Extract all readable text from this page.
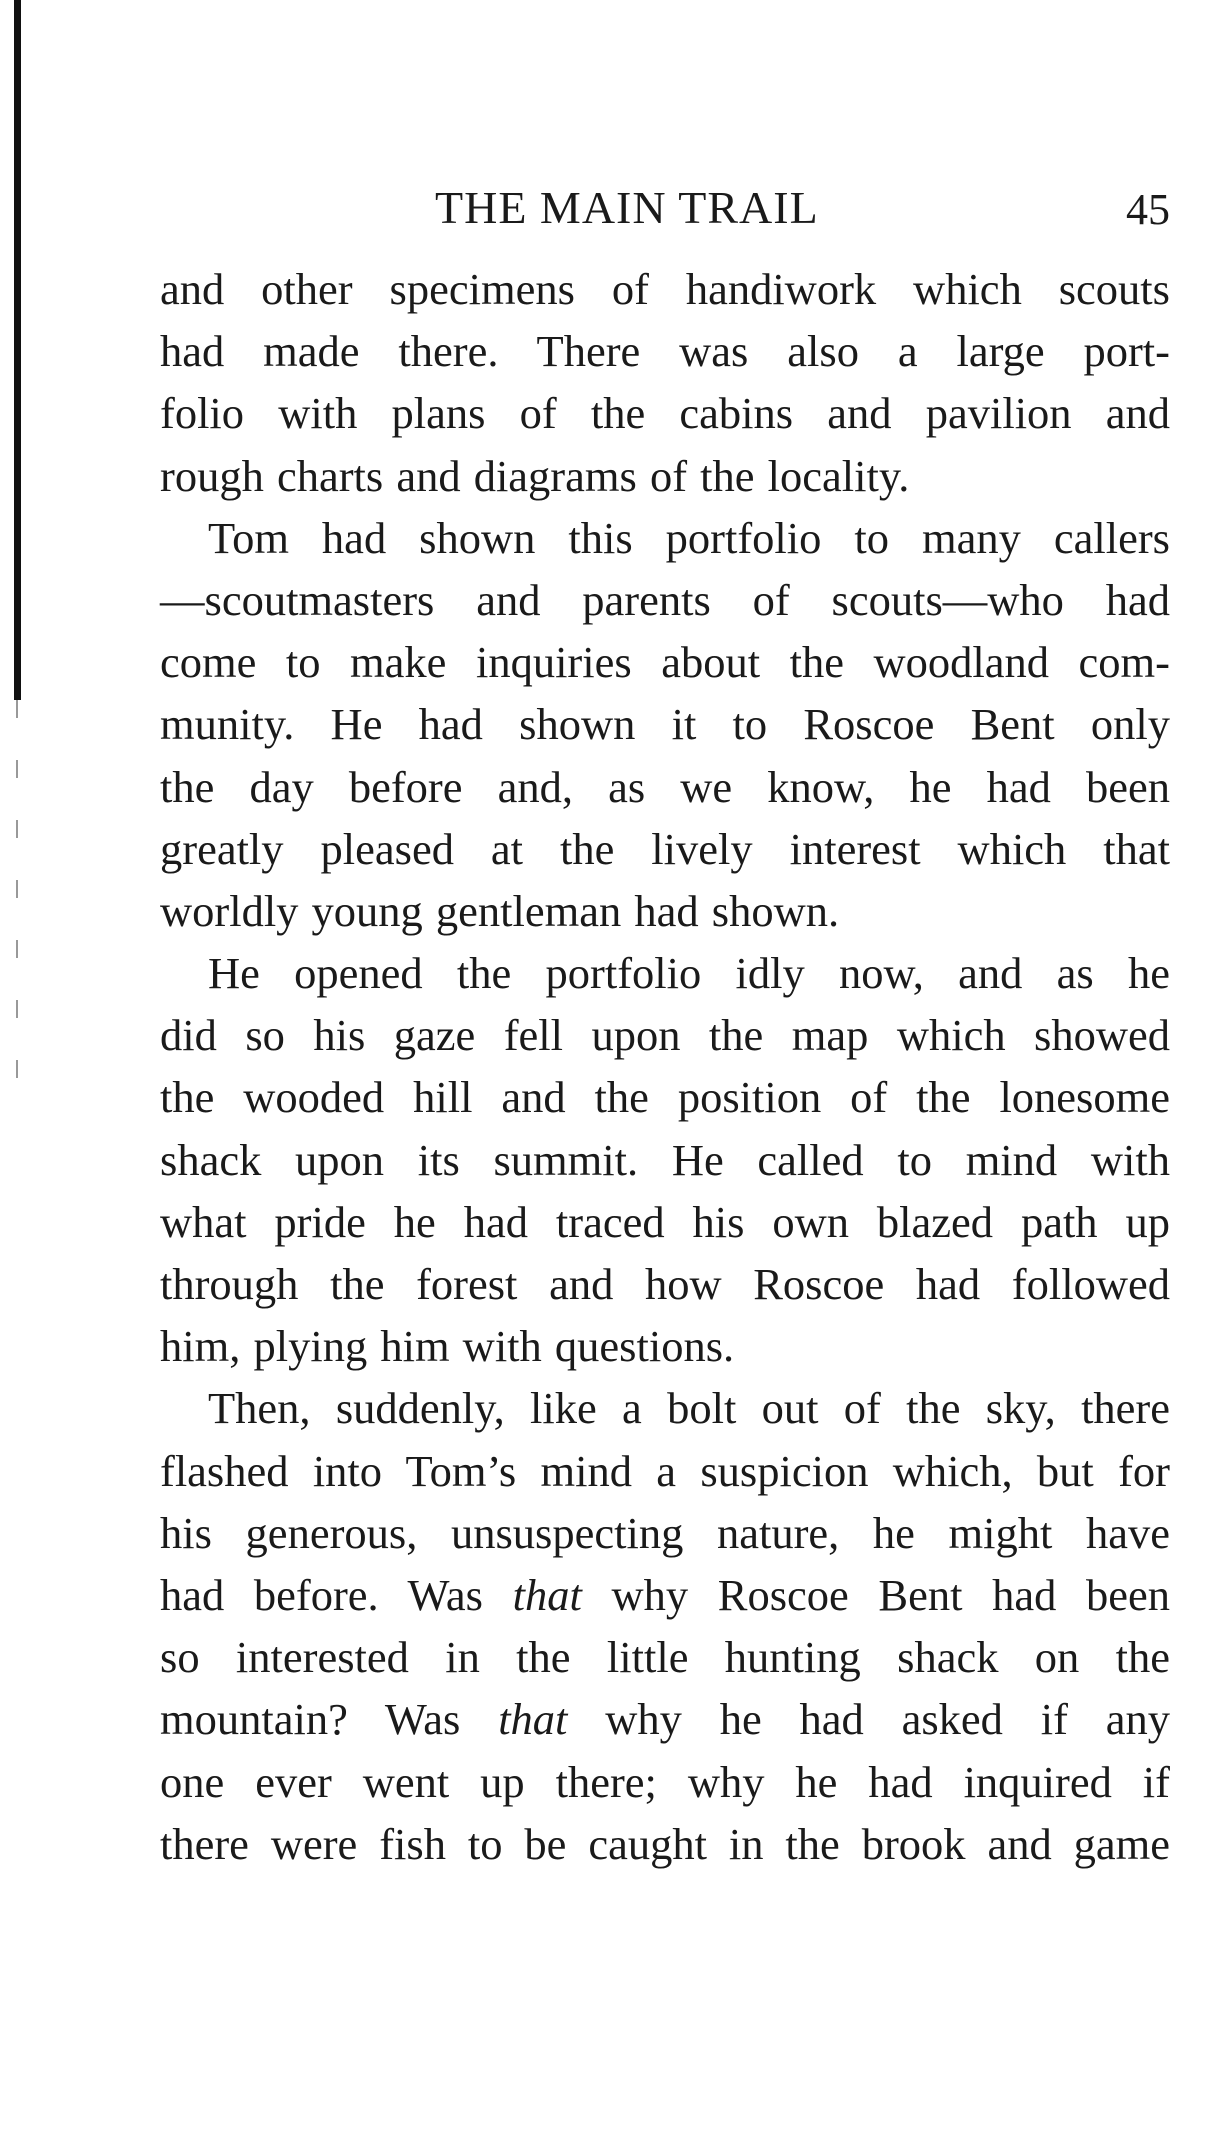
THE MAIN TRAIL	45
and other specimens of handiwork which scouts
had made there. There was also a large port-
folio with plans of the cabins and pavilion and
rough charts and diagrams of the locality.
Tom had shown this portfolio to many callers
—scoutmasters and parents of scouts—who had
come to make inquiries about the woodland com-
munity. He had shown it to Roscoe Bent only
the day before and, as we know, he had been
greatly pleased at the lively interest which that
worldly young gentleman had shown.
He opened the portfolio idly now, and as he
did so his gaze fell upon the map which showed
the wooded hill and the position of the lonesome
shack upon its summit. He called to mind with
what pride he had traced his own blazed path up
through the forest and how Roscoe had followed
him, plying him with questions.
Then, suddenly, like a bolt out of the sky, there
flashed into Tom’s mind a suspicion which, but for
his generous, unsuspecting nature, he might have
had before. Was that why Roscoe Bent had been
so interested in the little hunting shack on the
mountain? Was that why he had asked if any
one ever went up there; why he had inquired if
there were fish to be caught in the brook and game
